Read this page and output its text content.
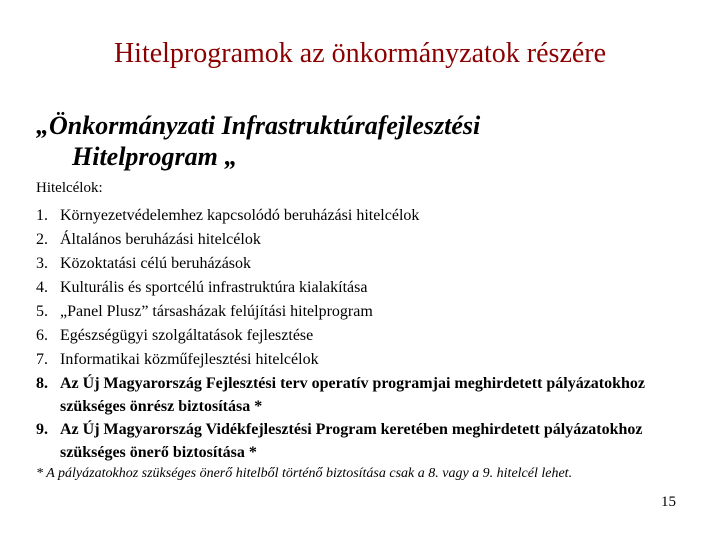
Hitelprogramok az önkormányzatok részére
„Önkormányzati Infrastruktúrafejlesztési
Hitelprogram „
Hitelcélok:
1. Környezetvédelemhez kapcsolódó beruházási hitelcélok
2. Általános beruházási hitelcélok
3. Közoktatási célú beruházások
4. Kulturális és sportcélú infrastruktúra kialakítása
5. „Panel Plusz” társasházak felújítási hitelprogram
6. Egészségügyi szolgáltatások fejlesztése
7. Informatikai közműfejlesztési hitelcélok
8. Az Új Magyarország Fejlesztési terv operatív programjai meghirdetett pályázatokhoz szükséges önrész biztosítása *
9. Az Új Magyarország Vidékfejlesztési Program keretében meghirdetett pályázatokhoz szükséges önerő biztosítása *
* A pályázatokhoz szükséges önerő hitelből történő biztosítása csak a 8. vagy a 9. hitelcél lehet.
15
